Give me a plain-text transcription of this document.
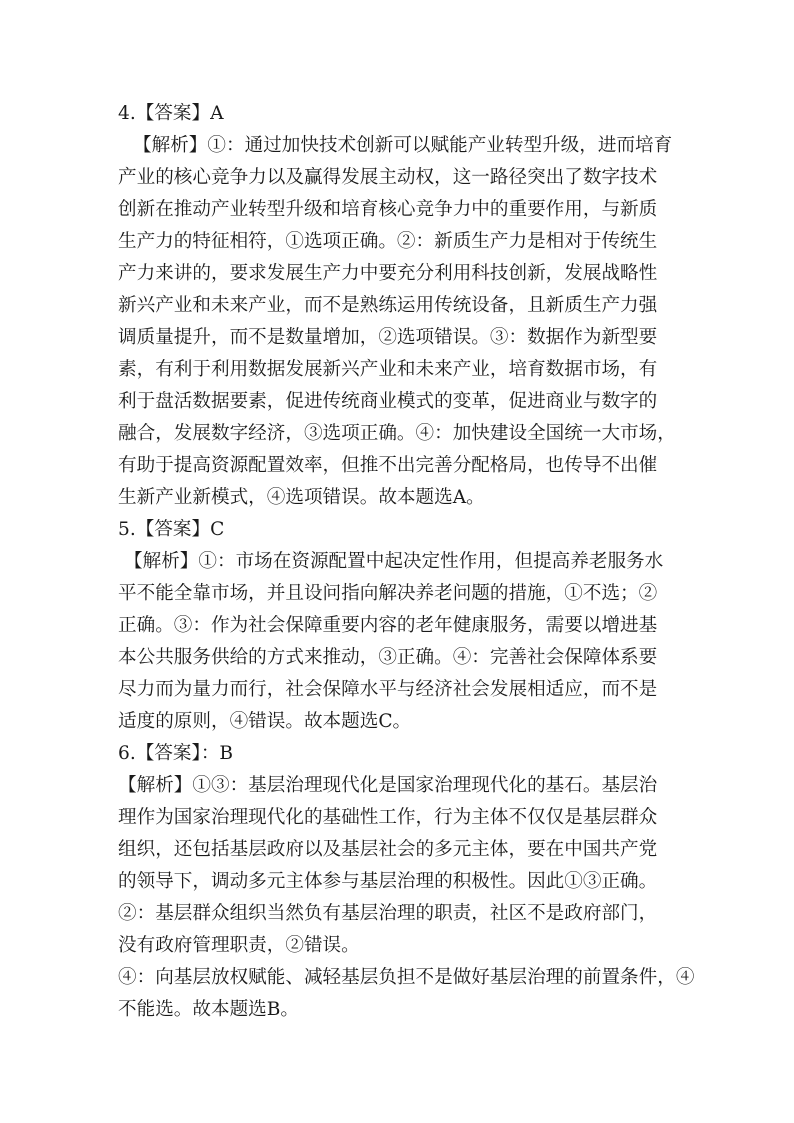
4.【答案】A
【解析】①：通过加快技术创新可以赋能产业转型升级，进而培育
产业的核心竞争力以及赢得发展主动权，这一路径突出了数字技术
创新在推动产业转型升级和培育核心竞争力中的重要作用，与新质
生产力的特征相符，①选项正确。②：新质生产力是相对于传统生
产力来讲的，要求发展生产力中要充分利用科技创新，发展战略性
新兴产业和未来产业，而不是熟练运用传统设备，且新质生产力强
调质量提升，而不是数量增加，②选项错误。③：数据作为新型要
素，有利于利用数据发展新兴产业和未来产业，培育数据市场，有
利于盘活数据要素，促进传统商业模式的变革，促进商业与数字的
融合，发展数字经济，③选项正确。④：加快建设全国统一大市场，
有助于提高资源配置效率，但推不出完善分配格局，也传导不出催
生新产业新模式，④选项错误。故本题选A。
5.【答案】C
【解析】①：市场在资源配置中起决定性作用，但提高养老服务水
平不能全靠市场，并且设问指向解决养老问题的措施，①不选；②
正确。③：作为社会保障重要内容的老年健康服务，需要以增进基
本公共服务供给的方式来推动，③正确。④：完善社会保障体系要
尽力而为量力而行，社会保障水平与经济社会发展相适应，而不是
适度的原则，④错误。故本题选C。
6.【答案】：B
【解析】①③：基层治理现代化是国家治理现代化的基石。基层治
理作为国家治理现代化的基础性工作，行为主体不仅仅是基层群众
组织，还包括基层政府以及基层社会的多元主体，要在中国共产党
的领导下，调动多元主体参与基层治理的积极性。因此①③正确。
②：基层群众组织当然负有基层治理的职责，社区不是政府部门，
没有政府管理职责，②错误。
④：向基层放权赋能、减轻基层负担不是做好基层治理的前置条件，④
不能选。故本题选B。
